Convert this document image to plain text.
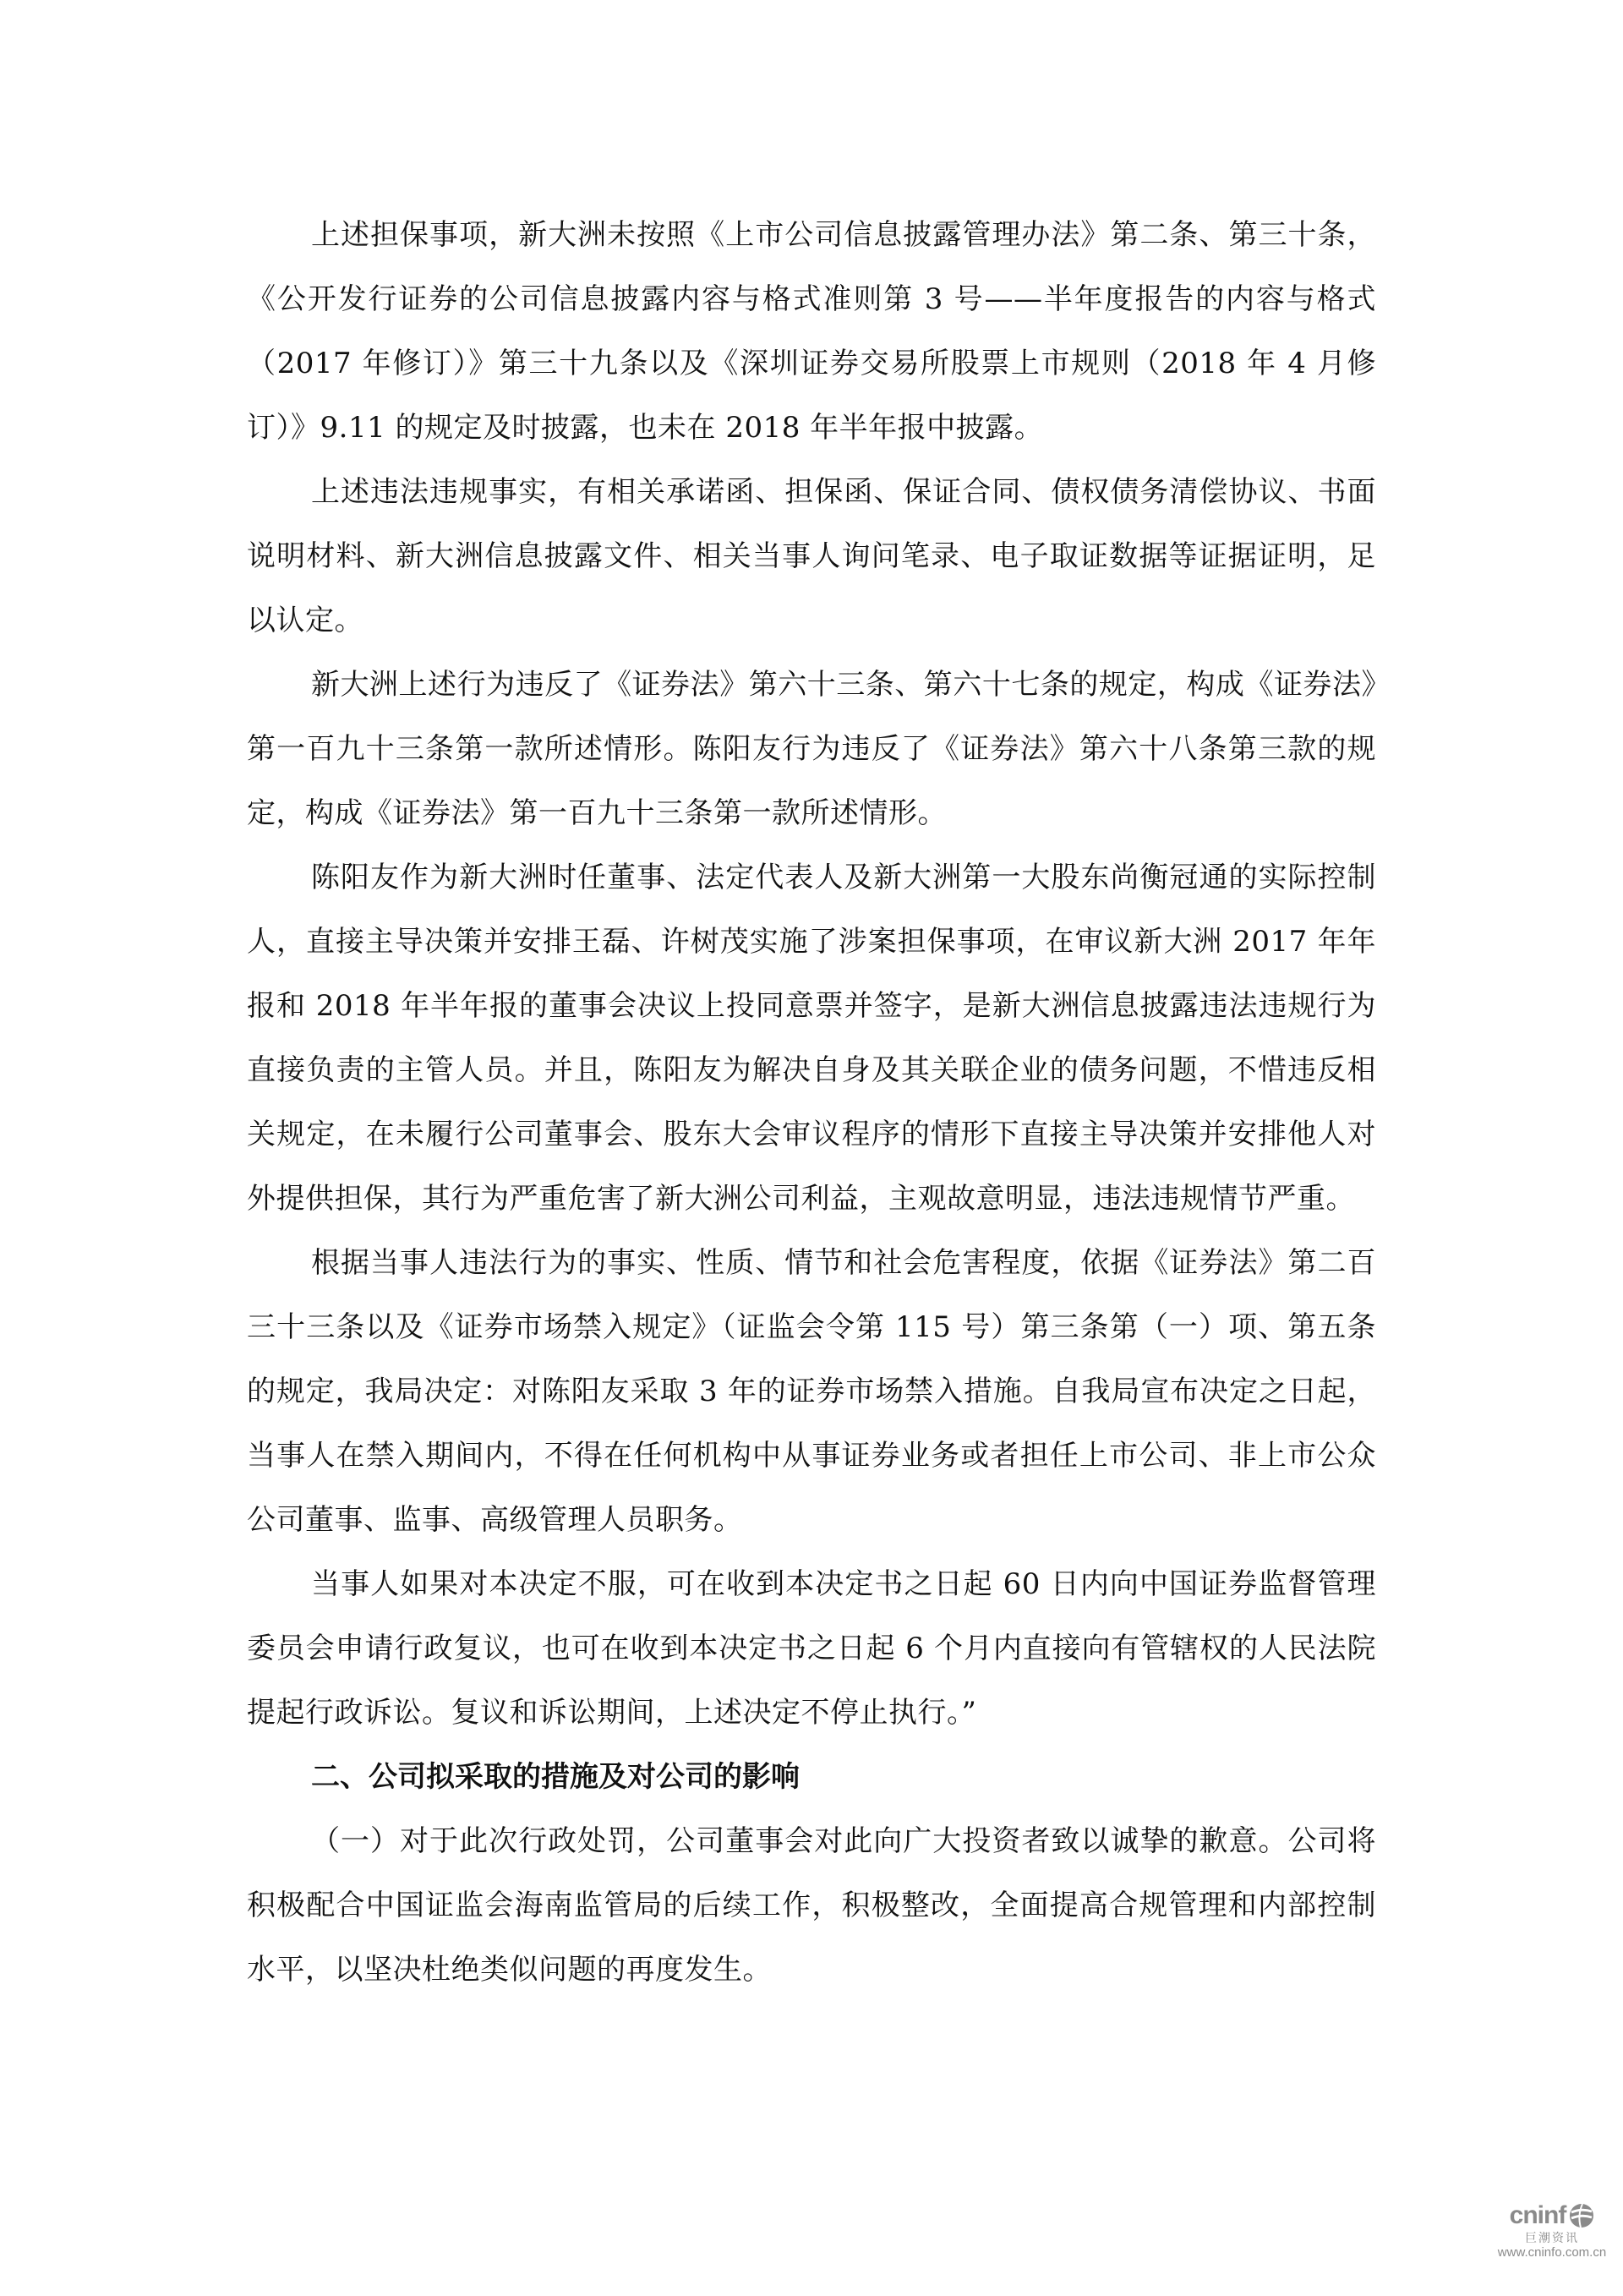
上述担保事项，新大洲未按照《上市公司信息披露管理办法》第二条、第三十条，《公开发行证券的公司信息披露内容与格式准则第 3 号——半年度报告的内容与格式（2017 年修订）》第三十九条以及《深圳证券交易所股票上市规则（2018 年 4 月修订）》9.11 的规定及时披露，也未在 2018 年半年报中披露。

上述违法违规事实，有相关承诺函、担保函、保证合同、债权债务清偿协议、书面说明材料、新大洲信息披露文件、相关当事人询问笔录、电子取证数据等证据证明，足以认定。

新大洲上述行为违反了《证券法》第六十三条、第六十七条的规定，构成《证券法》第一百九十三条第一款所述情形。陈阳友行为违反了《证券法》第六十八条第三款的规定，构成《证券法》第一百九十三条第一款所述情形。

陈阳友作为新大洲时任董事、法定代表人及新大洲第一大股东尚衡冠通的实际控制人，直接主导决策并安排王磊、许树茂实施了涉案担保事项，在审议新大洲 2017 年年报和 2018 年半年报的董事会决议上投同意票并签字，是新大洲信息披露违法违规行为直接负责的主管人员。并且，陈阳友为解决自身及其关联企业的债务问题，不惜违反相关规定，在未履行公司董事会、股东大会审议程序的情形下直接主导决策并安排他人对外提供担保，其行为严重危害了新大洲公司利益，主观故意明显，违法违规情节严重。

根据当事人违法行为的事实、性质、情节和社会危害程度，依据《证券法》第二百三十三条以及《证券市场禁入规定》（证监会令第 115 号）第三条第（一）项、第五条的规定，我局决定：对陈阳友采取 3 年的证券市场禁入措施。自我局宣布决定之日起，当事人在禁入期间内，不得在任何机构中从事证券业务或者担任上市公司、非上市公众公司董事、监事、高级管理人员职务。

当事人如果对本决定不服，可在收到本决定书之日起 60 日内向中国证券监督管理委员会申请行政复议，也可在收到本决定书之日起 6 个月内直接向有管辖权的人民法院提起行政诉讼。复议和诉讼期间，上述决定不停止执行。”

二、公司拟采取的措施及对公司的影响

（一）对于此次行政处罚，公司董事会对此向广大投资者致以诚挚的歉意。公司将积极配合中国证监会海南监管局的后续工作，积极整改，全面提高合规管理和内部控制水平，以坚决杜绝类似问题的再度发生。

cninf
巨潮资讯
www.cninfo.com.cn
